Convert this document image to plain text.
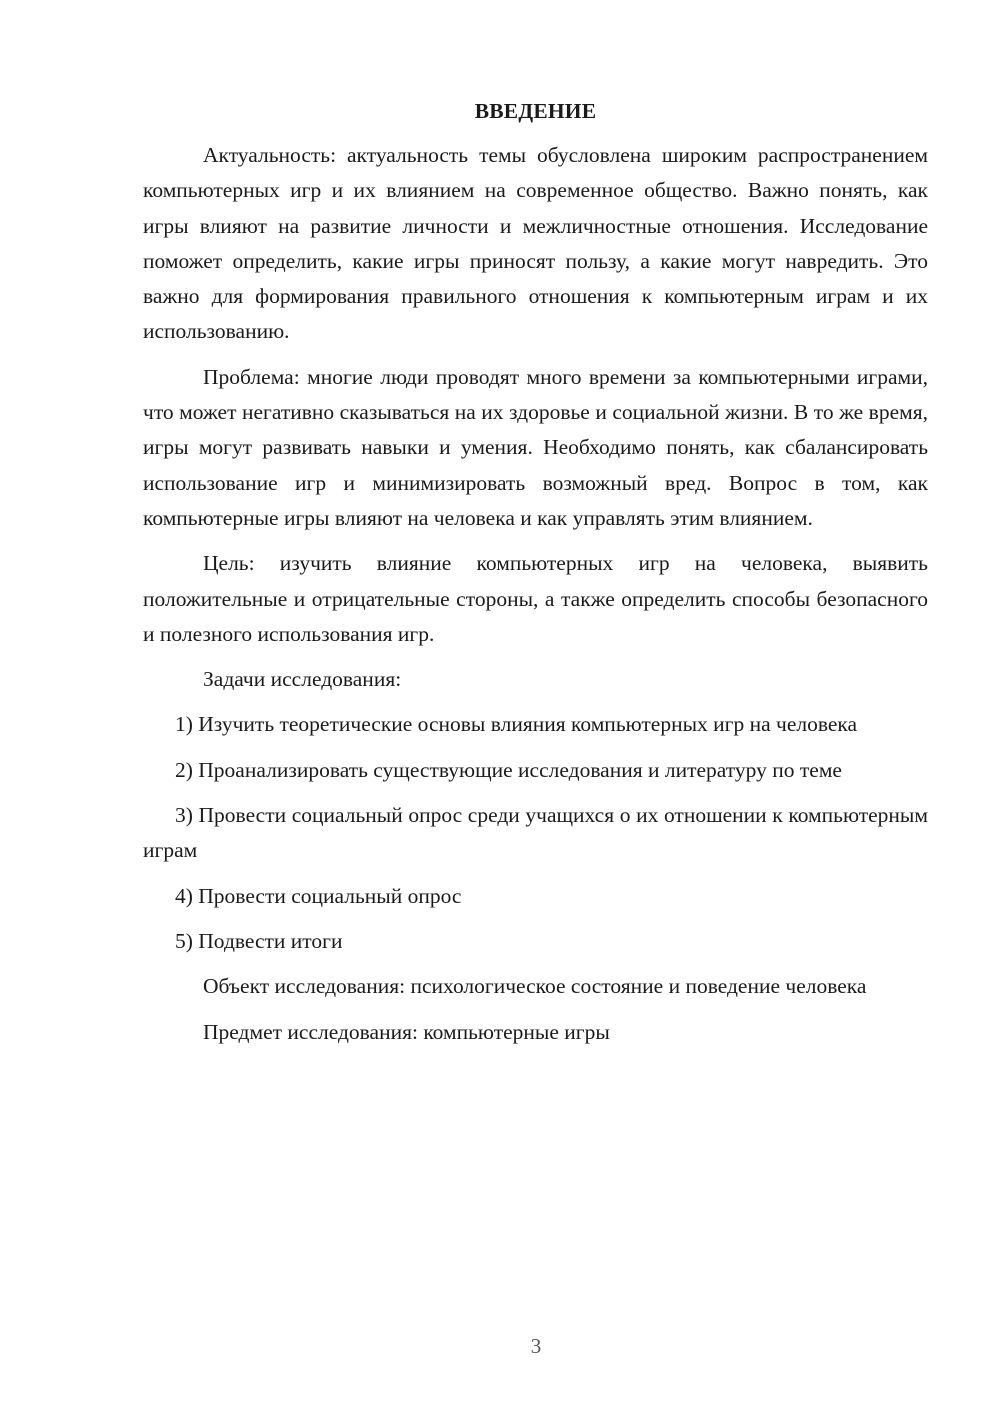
ВВЕДЕНИЕ

Актуальность: актуальность темы обусловлена широким распространением компьютерных игр и их влиянием на современное общество. Важно понять, как игры влияют на развитие личности и межличностные отношения. Исследование поможет определить, какие игры приносят пользу, а какие могут навредить. Это важно для формирования правильного отношения к компьютерным играм и их использованию.

Проблема: многие люди проводят много времени за компьютерными играми, что может негативно сказываться на их здоровье и социальной жизни. В то же время, игры могут развивать навыки и умения. Необходимо понять, как сбалансировать использование игр и минимизировать возможный вред. Вопрос в том, как компьютерные игры влияют на человека и как управлять этим влиянием.

Цель: изучить влияние компьютерных игр на человека, выявить положительные и отрицательные стороны, а также определить способы безопасного и полезного использования игр.

Задачи исследования:

1) Изучить теоретические основы влияния компьютерных игр на человека

2) Проанализировать существующие исследования и литературу по теме

3) Провести социальный опрос среди учащихся о их отношении к компьютерным играм

4) Провести социальный опрос

5) Подвести итоги

Объект исследования: психологическое состояние и поведение человека

Предмет исследования: компьютерные игры

3
